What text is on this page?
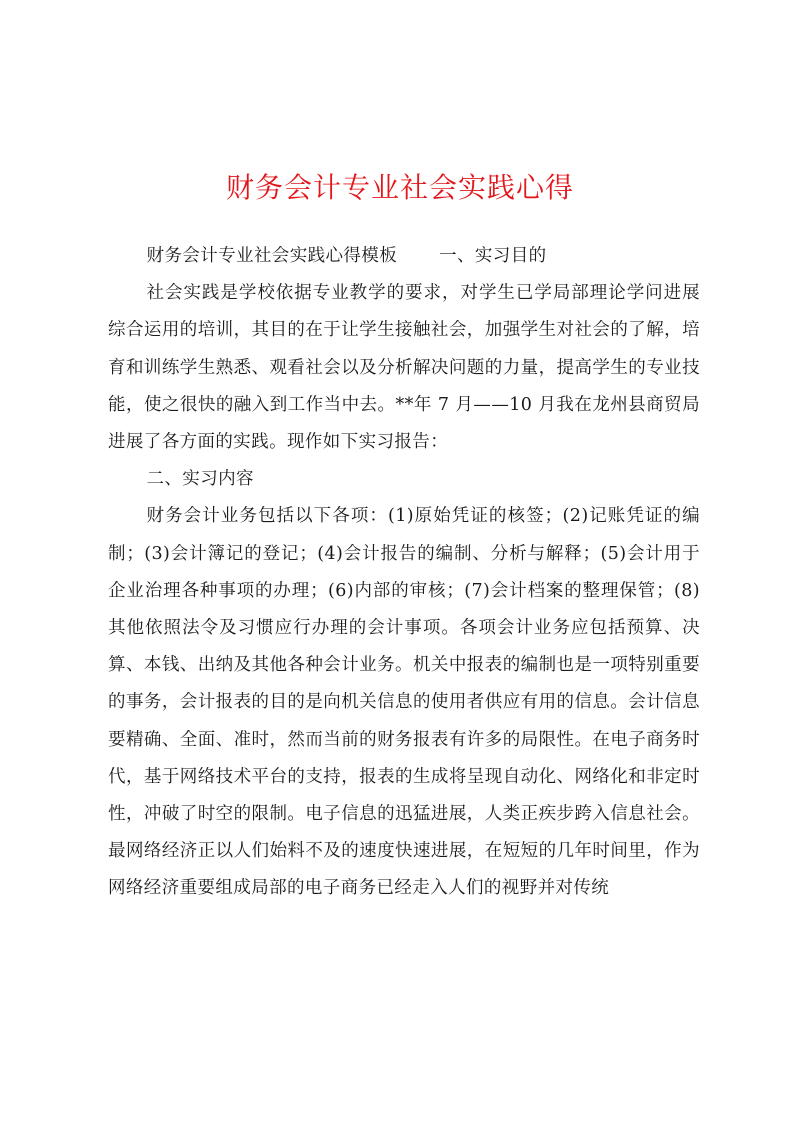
财务会计专业社会实践心得

财务会计专业社会实践心得模板 一、实习目的

社会实践是学校依据专业教学的要求，对学生已学局部理论学问进展综合运用的培训，其目的在于让学生接触社会，加强学生对社会的了解，培育和训练学生熟悉、观看社会以及分析解决问题的力量，提高学生的专业技能，使之很快的融入到工作当中去。**年 7 月——10 月我在龙州县商贸局进展了各方面的实践。现作如下实习报告：

二、实习内容

财务会计业务包括以下各项：(1)原始凭证的核签；(2)记账凭证的编制；(3)会计簿记的登记；(4)会计报告的编制、分析与解释；(5)会计用于企业治理各种事项的办理；(6)内部的审核；(7)会计档案的整理保管；(8)其他依照法令及习惯应行办理的会计事项。各项会计业务应包括预算、决算、本钱、出纳及其他各种会计业务。机关中报表的编制也是一项特别重要的事务，会计报表的目的是向机关信息的使用者供应有用的信息。会计信息要精确、全面、准时，然而当前的财务报表有许多的局限性。在电子商务时代，基于网络技术平台的支持，报表的生成将呈现自动化、网络化和非定时性，冲破了时空的限制。电子信息的迅猛进展，人类正疾步跨入信息社会。最网络经济正以人们始料不及的速度快速进展，在短短的几年时间里，作为网络经济重要组成局部的电子商务已经走入人们的视野并对传统
